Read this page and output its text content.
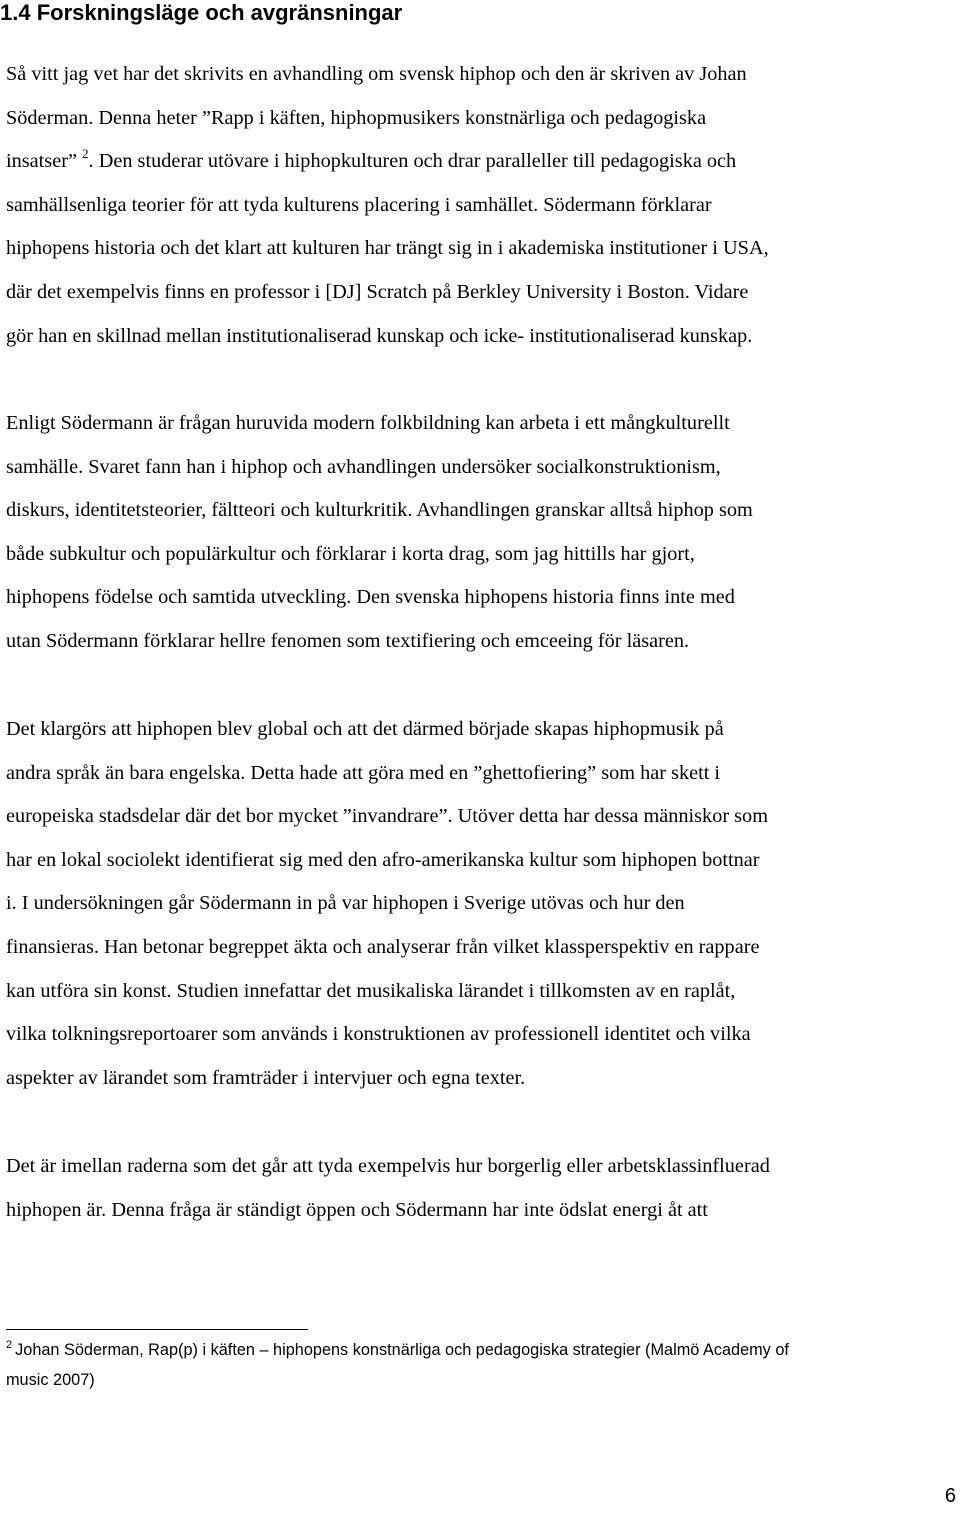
1.4 Forskningsläge och avgränsningar

Så vitt jag vet har det skrivits en avhandling om svensk hiphop och den är skriven av Johan
Söderman. Denna heter ”Rapp i käften, hiphopmusikers konstnärliga och pedagogiska
insatser” $^2$. Den studerar utövare i hiphopkulturen och drar paralleller till pedagogiska och
samhällsenliga teorier för att tyda kulturens placering i samhället. Södermann förklarar
hiphopens historia och det klart att kulturen har trängt sig in i akademiska institutioner i USA,
där det exempelvis finns en professor i [DJ] Scratch på Berkley University i Boston. Vidare
gör han en skillnad mellan institutionaliserad kunskap och icke- institutionaliserad kunskap.

Enligt Södermann är frågan huruvida modern folkbildning kan arbeta i ett mångkulturellt
samhälle. Svaret fann han i hiphop och avhandlingen undersöker socialkonstruktionism,
diskurs, identitetsteorier, fältteori och kulturkritik. Avhandlingen granskar alltså hiphop som
både subkultur och populärkultur och förklarar i korta drag, som jag hittills har gjort,
hiphopens födelse och samtida utveckling. Den svenska hiphopens historia finns inte med
utan Södermann förklarar hellre fenomen som textifiering och emceeing för läsaren.

Det klargörs att hiphopen blev global och att det därmed började skapas hiphopmusik på
andra språk än bara engelska. Detta hade att göra med en ”ghettofiering” som har skett i
europeiska stadsdelar där det bor mycket ”invandrare”. Utöver detta har dessa människor som
har en lokal sociolekt identifierat sig med den afro-amerikanska kultur som hiphopen bottnar
i. I undersökningen går Södermann in på var hiphopen i Sverige utövas och hur den
finansieras. Han betonar begreppet äkta och analyserar från vilket klassperspektiv en rappare
kan utföra sin konst. Studien innefattar det musikaliska lärandet i tillkomsten av en raplåt,
vilka tolkningsreportoarer som används i konstruktionen av professionell identitet och vilka
aspekter av lärandet som framträder i intervjuer och egna texter.

Det är imellan raderna som det går att tyda exempelvis hur borgerlig eller arbetsklassinfluerad
hiphopen är. Denna fråga är ständigt öppen och Södermann har inte ödslat energi åt att

$^2$ Johan Söderman, Rap(p) i käften – hiphopens konstnärliga och pedagogiska strategier (Malmö Academy of
music 2007)

6
